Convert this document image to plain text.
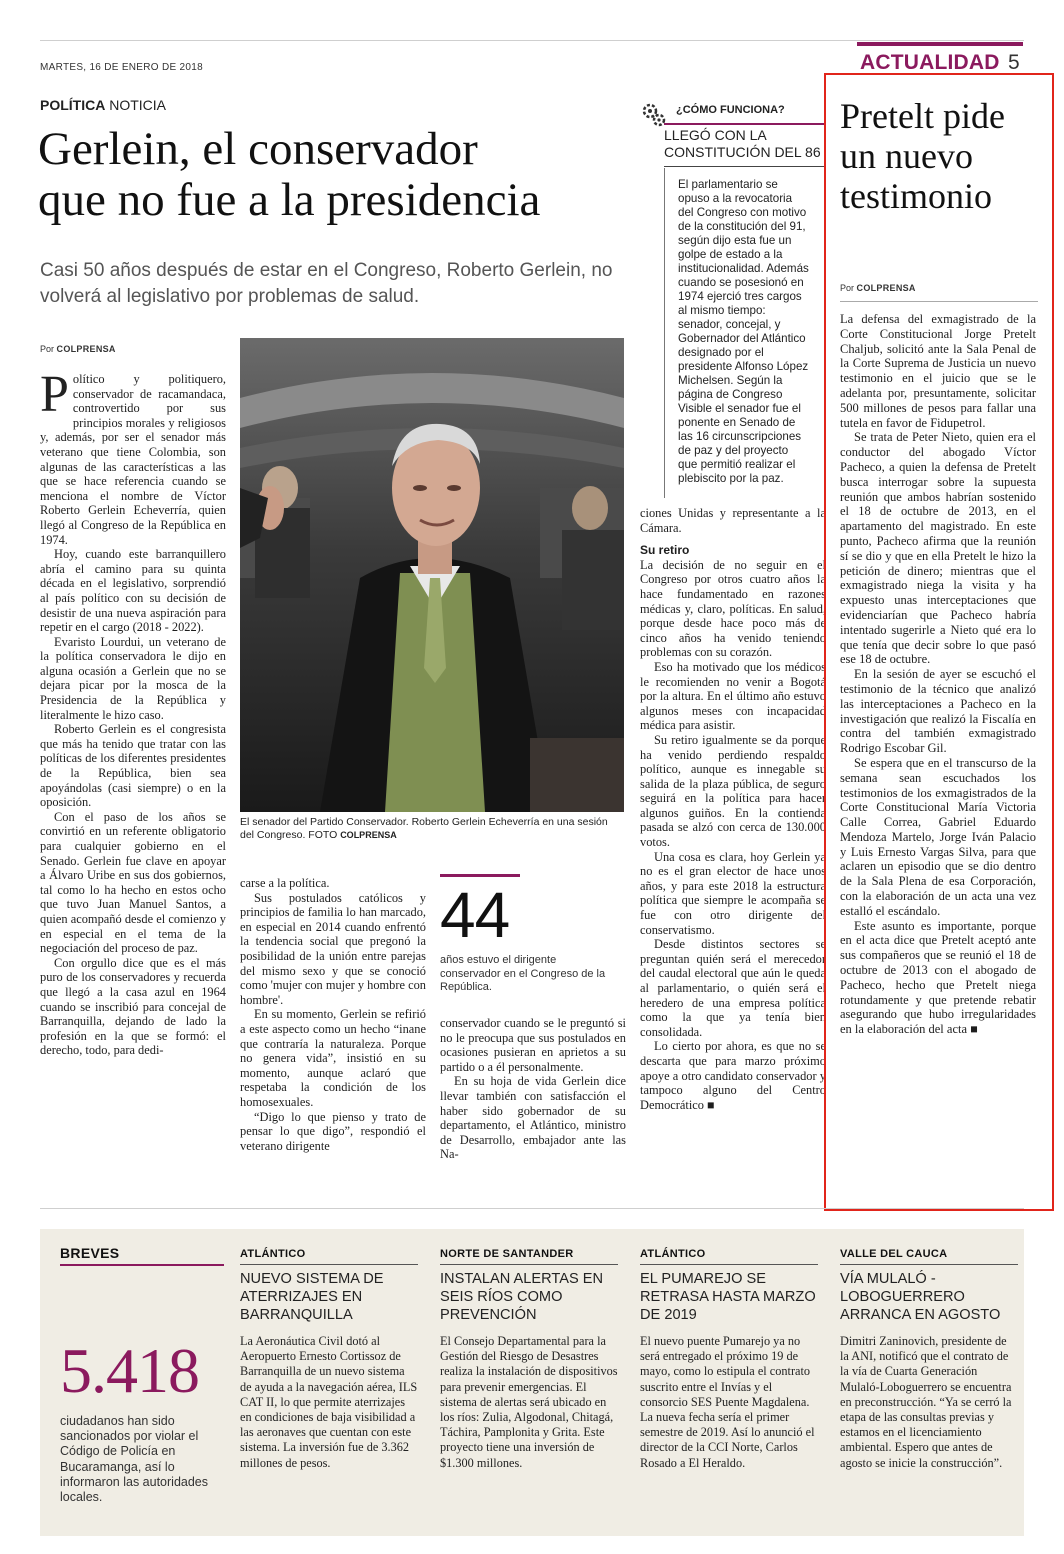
MARTES, 16 DE ENERO DE 2018	ACTUALIDAD 5
POLÍTICA NOTICIA
Gerlein, el conservador
que no fue a la presidencia
Casi 50 años después de estar en el Congreso, Roberto Gerlein, no volverá al legislativo por problemas de salud.
Por COLPRENSA

Político y politiquero, conservador de racamandaca, controvertido por sus principios morales y religiosos y, además, por ser el senador más veterano que tiene Colombia, son algunas de las características a las que se hace referencia cuando se menciona el nombre de Víctor Roberto Gerlein Echeverría, quien llegó al Congreso de la República en 1974.

Hoy, cuando este barranquillero abría el camino para su quinta década en el legislativo, sorprendió al país político con su decisión de desistir de una nueva aspiración para repetir en el cargo (2018 - 2022).

Evaristo Lourdui, un veterano de la política conservadora le dijo en alguna ocasión a Gerlein que no se dejara picar por la mosca de la Presidencia de la República y literalmente le hizo caso.

Roberto Gerlein es el congresista que más ha tenido que tratar con las políticas de los diferentes presidentes de la República, bien sea apoyándolas (casi siempre) o en la oposición.

Con el paso de los años se convirtió en un referente obligatorio para cualquier gobierno en el Senado. Gerlein fue clave en apoyar a Álvaro Uribe en sus dos gobiernos, tal como lo ha hecho en estos ocho que tuvo Juan Manuel Santos, a quien acompañó desde el comienzo y en especial en el tema de la negociación del proceso de paz.

Con orgullo dice que es el más puro de los conservadores y recuerda que llegó a la casa azul en 1964 cuando se inscribió para concejal de Barranquilla, dejando de lado la profesión en la que se formó: el derecho, todo, para dedi-

El senador del Partido Conservador. Roberto Gerlein Echeverría en una sesión del Congreso. FOTO COLPRENSA

carse a la política.

Sus postulados católicos y principios de familia lo han marcado, en especial en 2014 cuando enfrentó la tendencia social que pregonó la posibilidad de la unión entre parejas del mismo sexo y que se conoció como 'mujer con mujer y hombre con hombre'.

En su momento, Gerlein se refirió a este aspecto como un hecho “inane que contraría la naturaleza. Porque no genera vida”, insistió en su momento, aunque aclaró que respetaba la condición de los homosexuales.

“Digo lo que pienso y trato de pensar lo que digo”, respondió el veterano dirigente

44
años estuvo el dirigente conservador en el Congreso de la República.

conservador cuando se le preguntó si no le preocupa que sus postulados en ocasiones pusieran en aprietos a su partido o a él personalmente.

En su hoja de vida Gerlein dice llevar también con satisfacción el haber sido gobernador de su departamento, el Atlántico, ministro de Desarrollo, embajador ante las Na-

¿CÓMO FUNCIONA?
LLEGÓ CON LA
CONSTITUCIÓN DEL 86
El parlamentario se opuso a la revocatoria del Congreso con motivo de la constitución del 91, según dijo esta fue un golpe de estado a la institucionalidad. Además cuando se posesionó en 1974 ejerció tres cargos al mismo tiempo: senador, concejal, y Gobernador del Atlántico designado por el presidente Alfonso López Michelsen. Según la página de Congreso Visible el senador fue el ponente en Senado de las 16 circunscripciones de paz y del proyecto que permitió realizar el plebiscito por la paz.

ciones Unidas y representante a la Cámara.

Su retiro

La decisión de no seguir en el Congreso por otros cuatro años la hace fundamentado en razones médicas y, claro, políticas. En salud, porque desde hace poco más de cinco años ha venido teniendo problemas con su corazón.

Eso ha motivado que los médicos le recomienden no venir a Bogotá por la altura. En el último año estuvo algunos meses con incapacidad médica para asistir.

Su retiro igualmente se da porque ha venido perdiendo respaldo político, aunque es innegable su salida de la plaza pública, de seguro seguirá en la política para hacer algunos guiños. En la contienda pasada se alzó con cerca de 130.000 votos.

Una cosa es clara, hoy Gerlein ya no es el gran elector de hace unos años, y para este 2018 la estructura política que siempre le acompaña se fue con otro dirigente del conservatismo.

Desde distintos sectores se preguntan quién será el merecedor del caudal electoral que aún le queda al parlamentario, o quién será el heredero de una empresa política como la que ya tenía bien consolidada.

Lo cierto por ahora, es que no se descarta que para marzo próximo apoye a otro candidato conservador y tampoco alguno del Centro Democrático ■

Pretelt pide un nuevo testimonio
Por COLPRENSA

La defensa del exmagistrado de la Corte Constitucional Jorge Pretelt Chaljub, solicitó ante la Sala Penal de la Corte Suprema de Justicia un nuevo testimonio en el juicio que se le adelanta por, presuntamente, solicitar 500 millones de pesos para fallar una tutela en favor de Fidupetrol.

Se trata de Peter Nieto, quien era el conductor del abogado Víctor Pacheco, a quien la defensa de Pretelt busca interrogar sobre la supuesta reunión que ambos habrían sostenido el 18 de octubre de 2013, en el apartamento del magistrado. En este punto, Pacheco afirma que la reunión sí se dio y que en ella Pretelt le hizo la petición de dinero; mientras que el exmagistrado niega la visita y ha expuesto unas interceptaciones que evidenciarían que Pacheco habría intentado sugerirle a Nieto qué era lo que tenía que decir sobre lo que pasó ese 18 de octubre.

En la sesión de ayer se escuchó el testimonio de la técnico que analizó las interceptaciones a Pacheco en la investigación que realizó la Fiscalía en contra del también exmagistrado Rodrigo Escobar Gil.

Se espera que en el transcurso de la semana sean escuchados los testimonios de los exmagistrados de la Corte Constitucional María Victoria Calle Correa, Gabriel Eduardo Mendoza Martelo, Jorge Iván Palacio y Luis Ernesto Vargas Silva, para que aclaren un episodio que se dio dentro de la Sala Plena de esa Corporación, con la elaboración de un acta una vez estalló el escándalo.

Este asunto es importante, porque en el acta dice que Pretelt aceptó ante sus compañeros que se reunió el 18 de octubre de 2013 con el abogado de Pacheco, hecho que Pretelt niega rotundamente y que pretende rebatir asegurando que hubo irregularidades en la elaboración del acta ■

BREVES
5.418
ciudadanos han sido sancionados por violar el Código de Policía en Bucaramanga, así lo informaron las autoridades locales.
ATLÁNTICO
NUEVO SISTEMA DE ATERRIZAJES EN BARRANQUILLA
La Aeronáutica Civil dotó al Aeropuerto Ernesto Cortissoz de Barranquilla de un nuevo sistema de ayuda a la navegación aérea, ILS CAT II, lo que permite aterrizajes en condiciones de baja visibilidad a las aeronaves que cuentan con este sistema. La inversión fue de 3.362 millones de pesos.
NORTE DE SANTANDER
INSTALAN ALERTAS EN SEIS RÍOS COMO PREVENCIÓN
El Consejo Departamental para la Gestión del Riesgo de Desastres realiza la instalación de dispositivos para prevenir emergencias. El sistema de alertas será ubicado en los ríos: Zulia, Algodonal, Chitagá, Táchira, Pamplonita y Grita. Este proyecto tiene una inversión de $1.300 millones.
ATLÁNTICO
EL PUMAREJO SE RETRASA HASTA MARZO DE 2019
El nuevo puente Pumarejo ya no será entregado el próximo 19 de mayo, como lo estipula el contrato suscrito entre el Invías y el consorcio SES Puente Magdalena. La nueva fecha sería el primer semestre de 2019. Así lo anunció el director de la CCI Norte, Carlos Rosado a El Heraldo.
VALLE DEL CAUCA
VÍA MULALÓ - LOBOGUERRERO ARRANCA EN AGOSTO
Dimitri Zaninovich, presidente de la ANI, notificó que el contrato de la vía de Cuarta Generación Mulaló-Loboguerrero se encuentra en preconstrucción. “Ya se cerró la etapa de las consultas previas y estamos en el licenciamiento ambiental. Espero que antes de agosto se inicie la construcción”.
